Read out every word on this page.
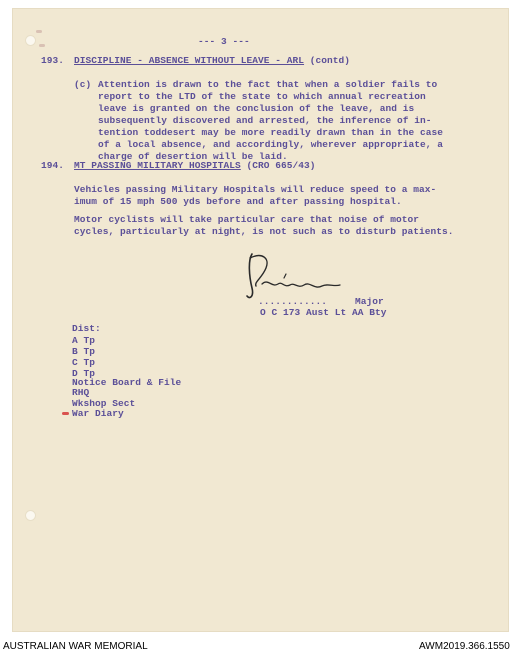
--- 3 ---
193. DISCIPLINE - ABSENCE WITHOUT LEAVE - ARL (contd)
(c) Attention is drawn to the fact that when a soldier fails to
report to the LTD of the state to which annual recreation
leave is granted on the conclusion of the leave, and is
subsequently discovered and arrested, the inference of in-
tention toddesert may be more readily drawn than in the case
of a local absence, and accordingly, wherever appropriate, a
charge of desertion will be laid.
194. MT PASSING MILITARY HOSPITALS (CRO 665/43)
Vehicles passing Military Hospitals will reduce speed to a max-
imum of 15 mph 500 yds before and after passing hospital.
Motor cyclists will take particular care that noise of motor
cycles, particularly at night, is not such as to disturb patients.
............	Major
O C 173 Aust Lt AA Bty
Dist:
A Tp
B Tp
C Tp
D Tp
Notice Board & File
RHQ
Wkshop Sect
War Diary
AUSTRALIAN WAR MEMORIAL	AWM2019.366.1550
